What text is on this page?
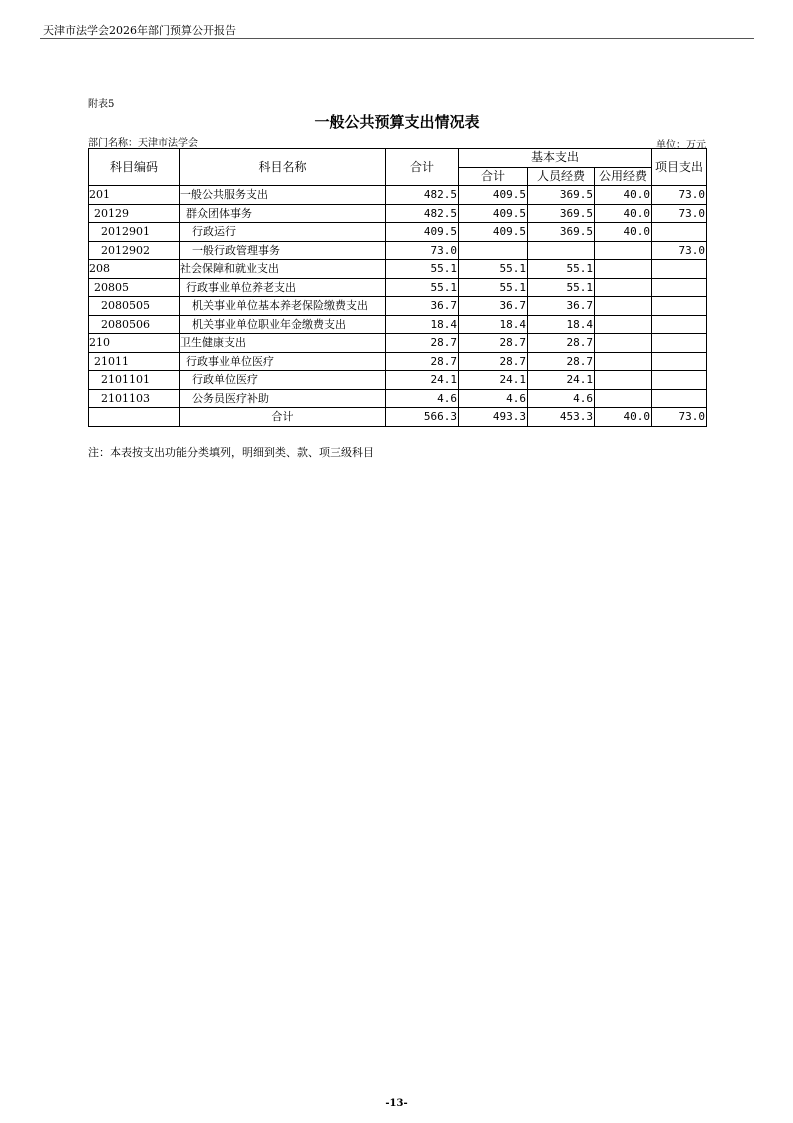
天津市法学会2026年部门预算公开报告
附表5
一般公共预算支出情况表
部门名称：天津市法学会	单位：万元
科目编码	科目名称	合计	基本支出			项目支出
			合计	人员经费	公用经费	
201	一般公共服务支出	482.5	409.5	369.5	40.0	73.0
20129	群众团体事务	482.5	409.5	369.5	40.0	73.0
2012901	行政运行	409.5	409.5	369.5	40.0	
2012902	一般行政管理事务	73.0				73.0
208	社会保障和就业支出	55.1	55.1	55.1		
20805	行政事业单位养老支出	55.1	55.1	55.1		
2080505	机关事业单位基本养老保险缴费支出	36.7	36.7	36.7		
2080506	机关事业单位职业年金缴费支出	18.4	18.4	18.4		
210	卫生健康支出	28.7	28.7	28.7		
21011	行政事业单位医疗	28.7	28.7	28.7		
2101101	行政单位医疗	24.1	24.1	24.1		
2101103	公务员医疗补助	4.6	4.6	4.6		
	合计	566.3	493.3	453.3	40.0	73.0
注：本表按支出功能分类填列，明细到类、款、项三级科目
-13-
